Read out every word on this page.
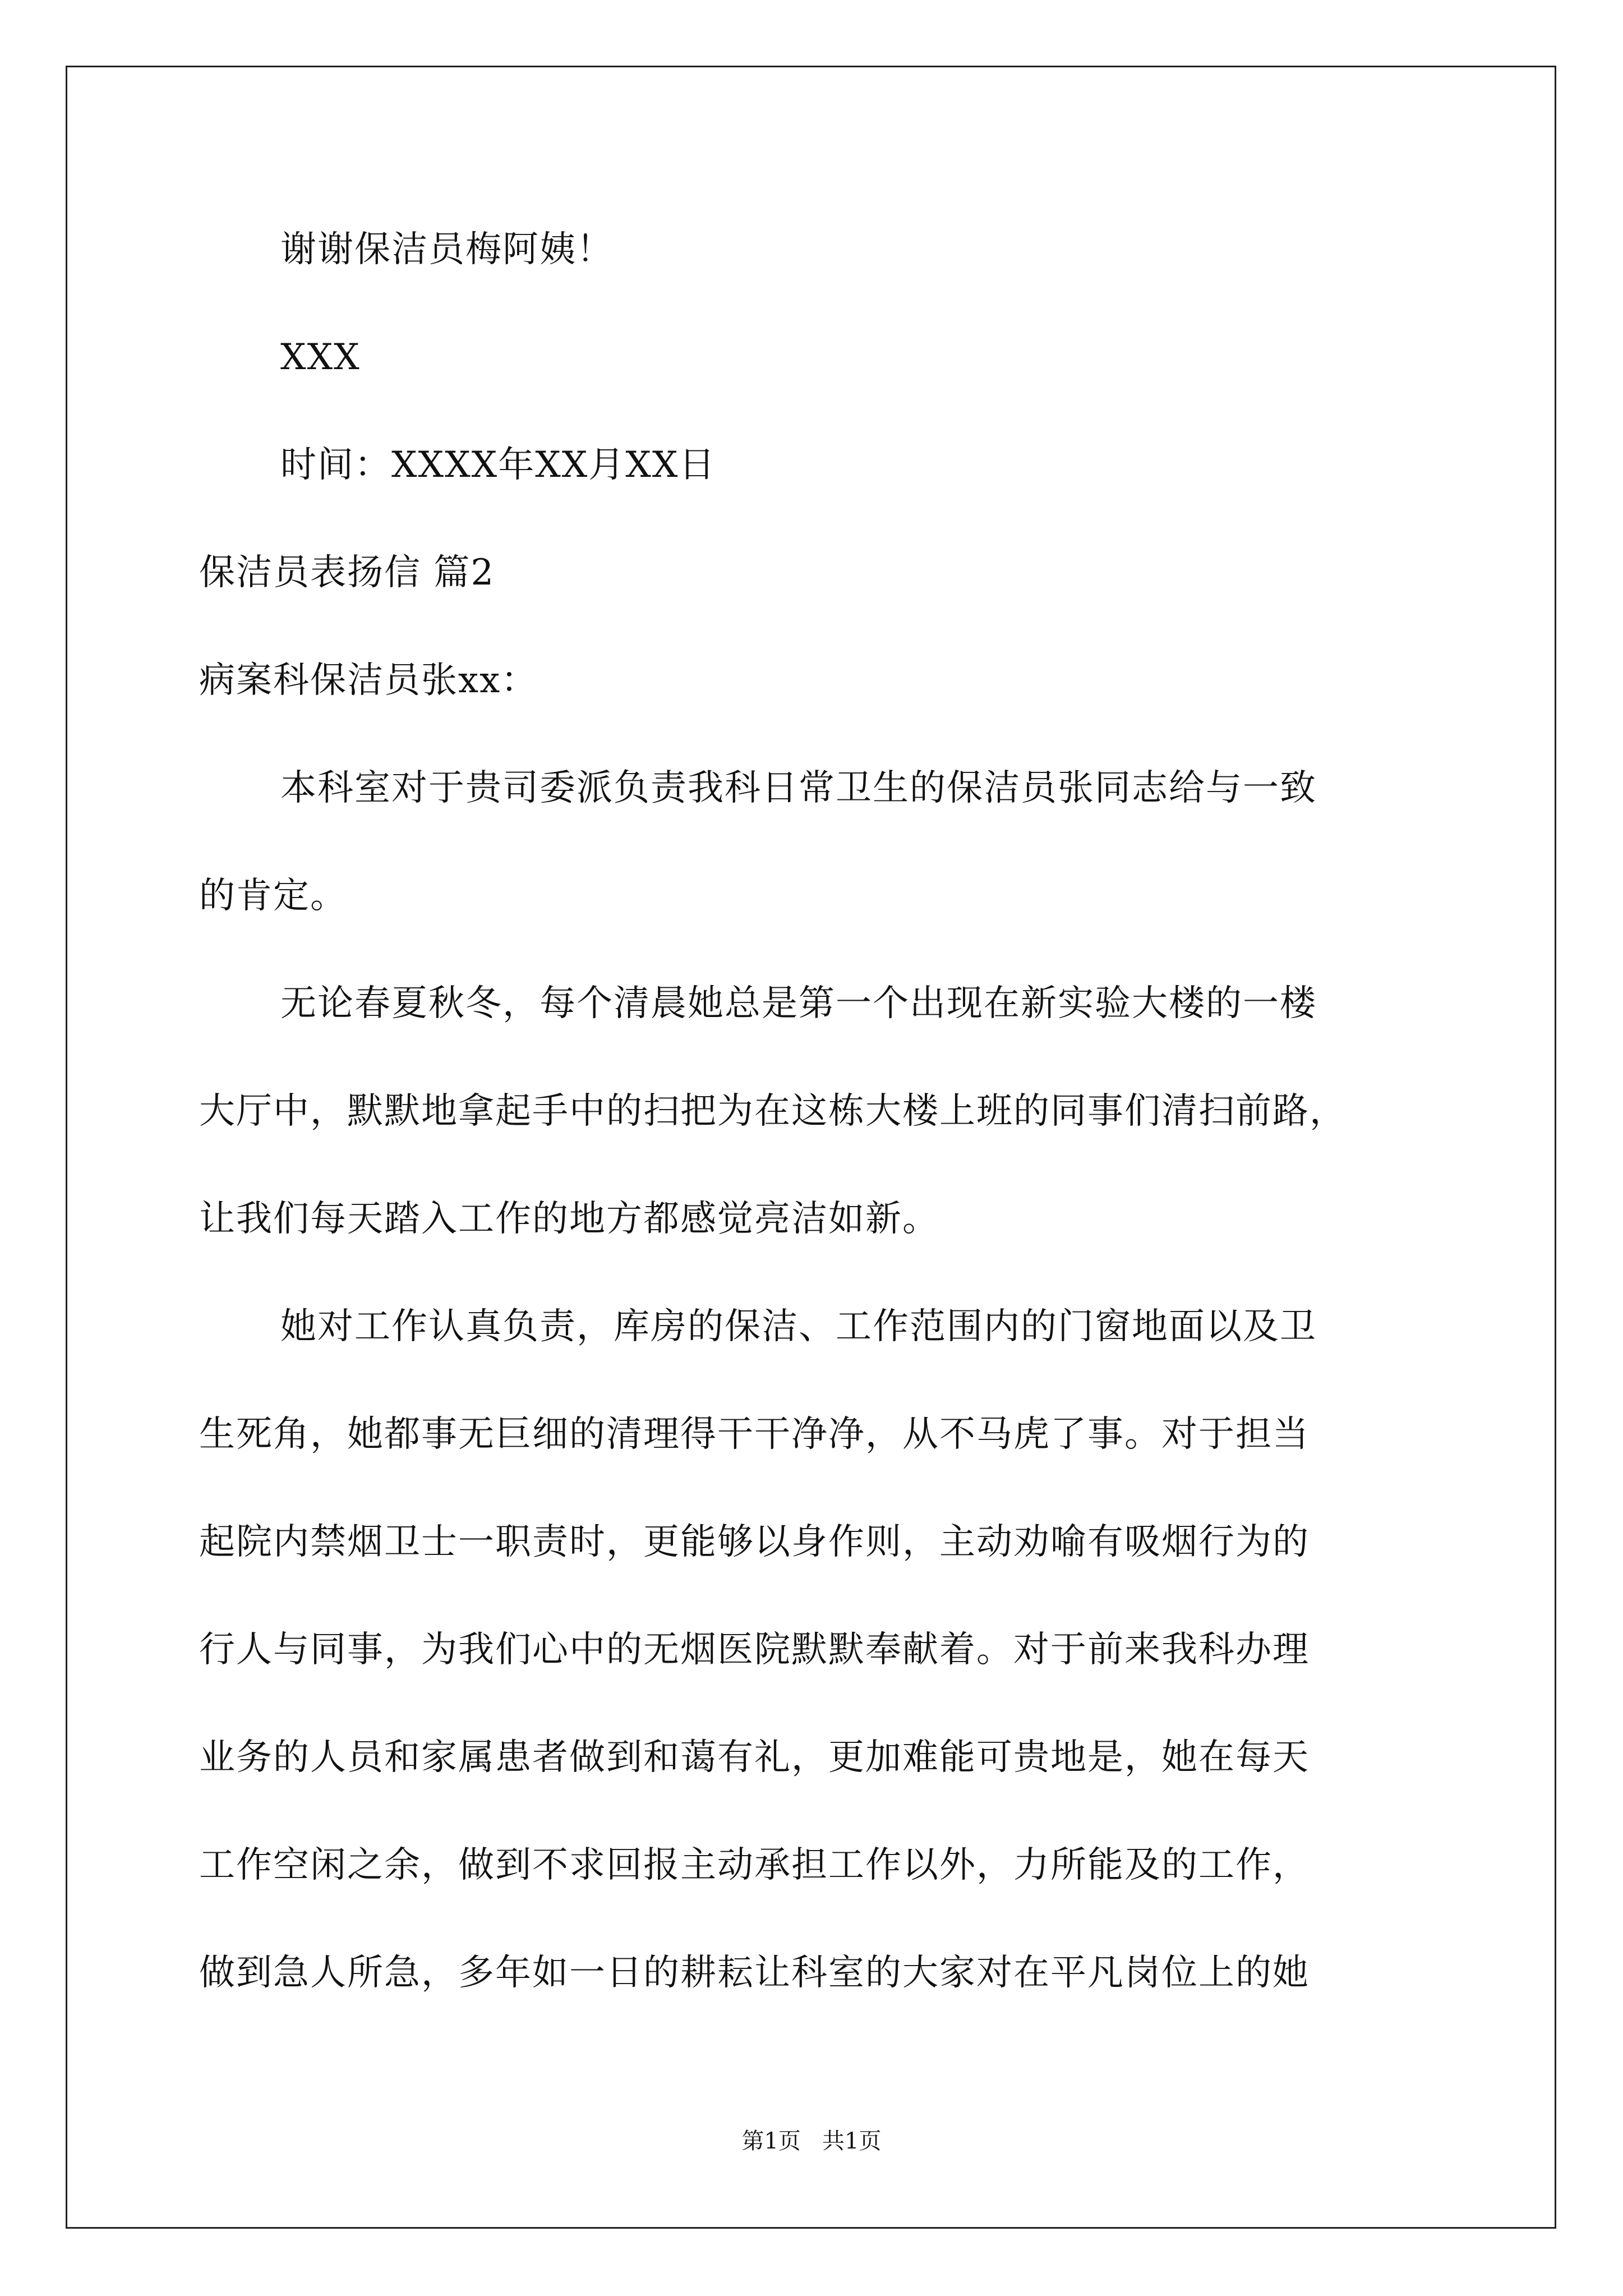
谢谢保洁员梅阿姨！
XXX
时间：XXXX年XX月XX日
保洁员表扬信 篇2
病案科保洁员张xx：
本科室对于贵司委派负责我科日常卫生的保洁员张同志给与一致
的肯定。
无论春夏秋冬，每个清晨她总是第一个出现在新实验大楼的一楼
大厅中，默默地拿起手中的扫把为在这栋大楼上班的同事们清扫前路，
让我们每天踏入工作的地方都感觉亮洁如新。
她对工作认真负责，库房的保洁、工作范围内的门窗地面以及卫
生死角，她都事无巨细的清理得干干净净，从不马虎了事。对于担当
起院内禁烟卫士一职责时，更能够以身作则，主动劝喻有吸烟行为的
行人与同事，为我们心中的无烟医院默默奉献着。对于前来我科办理
业务的人员和家属患者做到和蔼有礼，更加难能可贵地是，她在每天
工作空闲之余，做到不求回报主动承担工作以外，力所能及的工作，
做到急人所急，多年如一日的耕耘让科室的大家对在平凡岗位上的她
第1页   共1页
